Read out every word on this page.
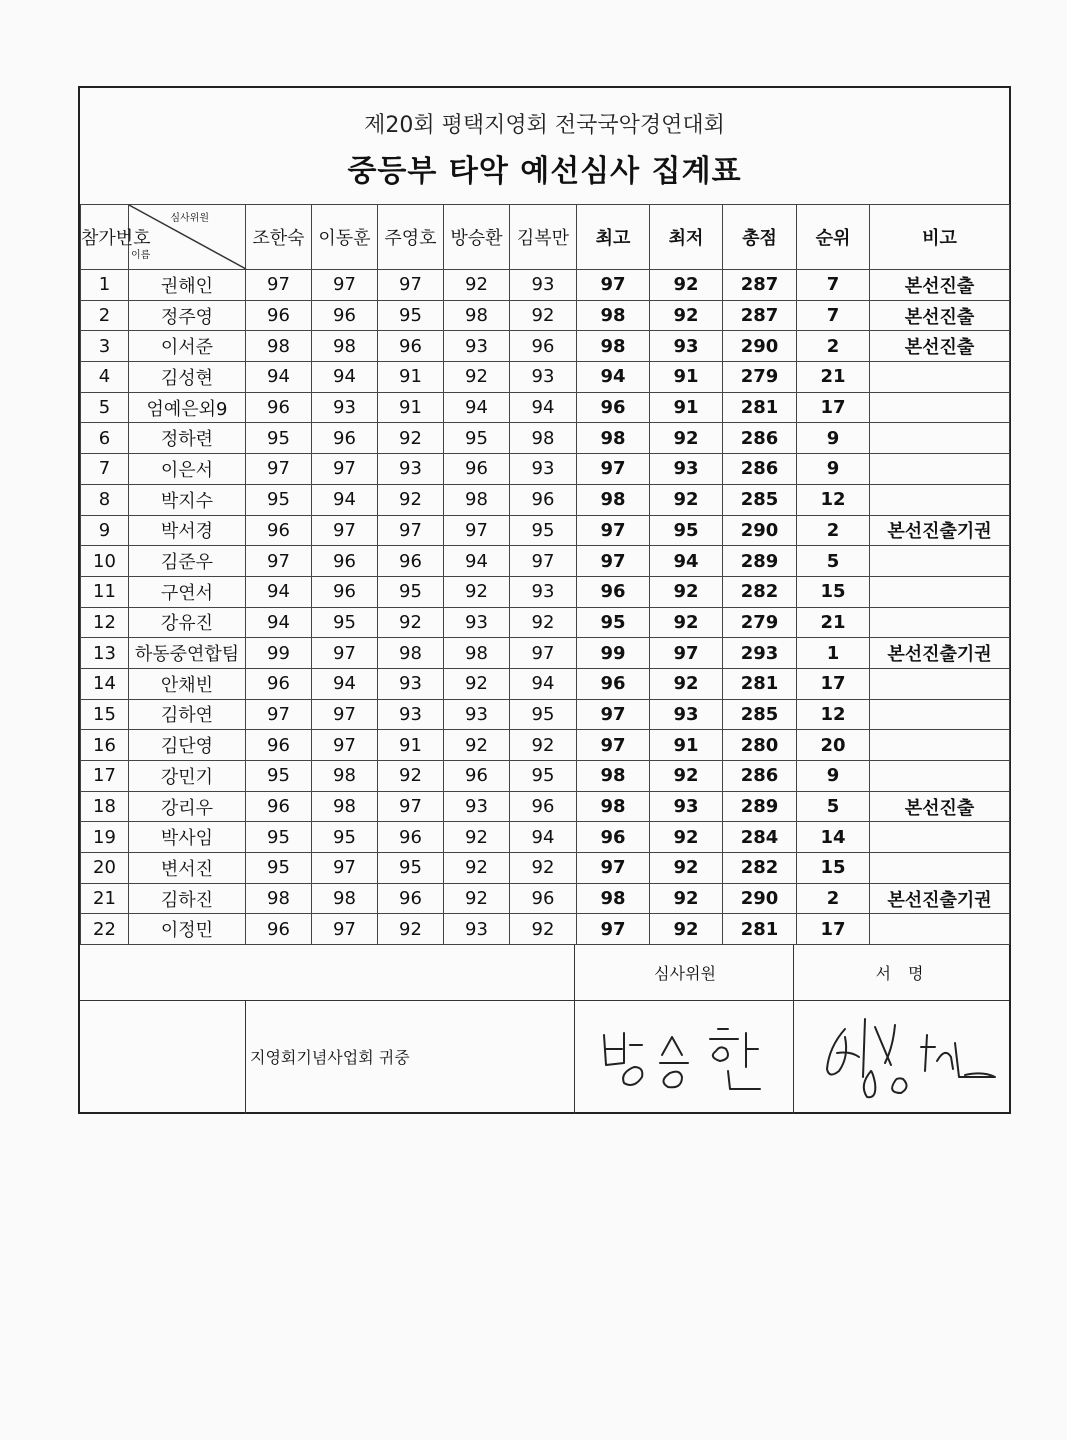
제20회 평택지영회 전국국악경연대회
중등부 타악 예선심사 집계표
참가번호	심사위원
이름	조한숙	이동훈	주영호	방승환	김복만	최고	최저	총점	순위	비고
1	권해인	97	97	97	92	93	97	92	287	7	본선진출
2	정주영	96	96	95	98	92	98	92	287	7	본선진출
3	이서준	98	98	96	93	96	98	93	290	2	본선진출
4	김성현	94	94	91	92	93	94	91	279	21	
5	엄예은외9	96	93	91	94	94	96	91	281	17	
6	정하련	95	96	92	95	98	98	92	286	9	
7	이은서	97	97	93	96	93	97	93	286	9	
8	박지수	95	94	92	98	96	98	92	285	12	
9	박서경	96	97	97	97	95	97	95	290	2	본선진출기권
10	김준우	97	96	96	94	97	97	94	289	5	
11	구연서	94	96	95	92	93	96	92	282	15	
12	강유진	94	95	92	93	92	95	92	279	21	
13	하동중연합팀	99	97	98	98	97	99	97	293	1	본선진출기권
14	안채빈	96	94	93	92	94	96	92	281	17	
15	김하연	97	97	93	93	95	97	93	285	12	
16	김단영	96	97	91	92	92	97	91	280	20	
17	강민기	95	98	92	96	95	98	92	286	9	
18	강리우	96	98	97	93	96	98	93	289	5	본선진출
19	박사임	95	95	96	92	94	96	92	284	14	
20	변서진	95	97	95	92	92	97	92	282	15	
21	김하진	98	98	96	92	96	98	92	290	2	본선진출기권
22	이정민	96	97	92	93	92	97	92	281	17	
심사위원	서 명
지영회기념사업회 귀중
